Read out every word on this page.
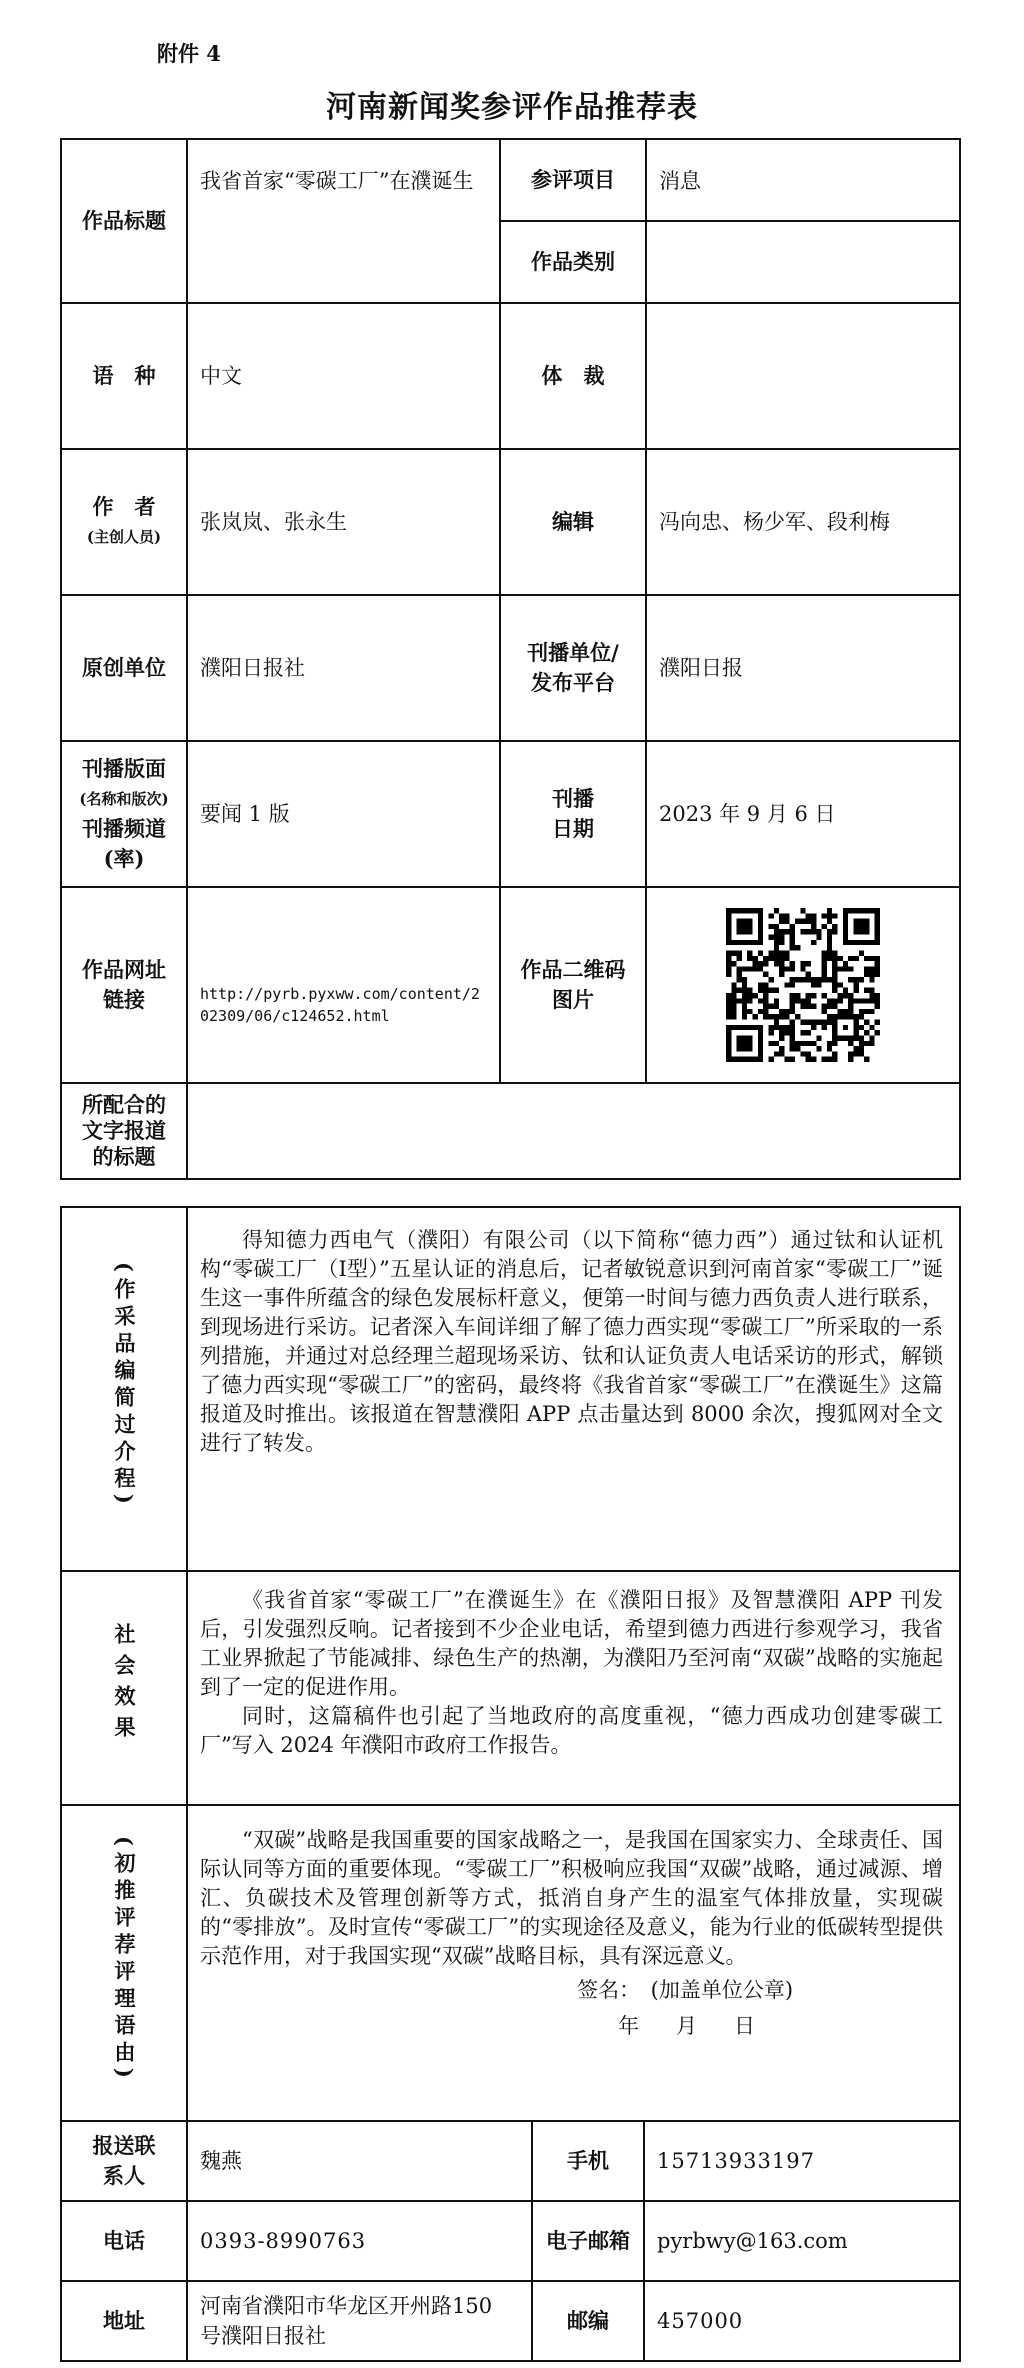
附件 4
河南新闻奖参评作品推荐表
作品标题	我省首家“零碳工厂”在濮诞生	参评项目	消息
		作品类别	
语　种	中文	体　裁	

作　者
(主创人员)	张岚岚、张永生	编辑	冯向忠、杨少军、段利梅
原创单位	濮阳日报社	刊播单位/发布平台	濮阳日报

刊播版面
(名称和版次)
刊播频道
(率)	要闻 1 版	刊播日期	2023 年 9 月 6 日
作品网址链接	http://pyrb.pyxww.com/content/202309/06/c124652.html	作品二维码图片	

所配合的文字报道的标题			
(作采品编简过介程)	得知德力西电气（濮阳）有限公司（以下简称“德力西”）通过钛和认证机构“零碳工厂（Ⅰ型）”五星认证的消息后，记者敏锐意识到河南首家“零碳工厂”诞生这一事件所蕴含的绿色发展标杆意义，便第一时间与德力西负责人进行联系，到现场进行采访。记者深入车间详细了解了德力西实现“零碳工厂”所采取的一系列措施，并通过对总经理兰超现场采访、钛和认证负责人电话采访的形式，解锁了德力西实现“零碳工厂”的密码，最终将《我省首家“零碳工厂”在濮诞生》这篇报道及时推出。该报道在智慧濮阳 APP 点击量达到 8000 余次，搜狐网对全文进行了转发。		

社会效果	《我省首家“零碳工厂”在濮诞生》在《濮阳日报》及智慧濮阳 APP 刊发后，引发强烈反响。记者接到不少企业电话，希望到德力西进行参观学习，我省工业界掀起了节能减排、绿色生产的热潮，为濮阳乃至河南“双碳”战略的实施起到了一定的促进作用。

同时，这篇稿件也引起了当地政府的高度重视，“德力西成功创建零碳工厂”写入 2024 年濮阳市政府工作报告。		

(初推评荐评理语由)	“双碳”战略是我国重要的国家战略之一，是我国在国家实力、全球责任、国际认同等方面的重要体现。“零碳工厂”积极响应我国“双碳”战略，通过减源、增汇、负碳技术及管理创新等方式，抵消自身产生的温室气体排放量，实现碳的“零排放”。及时宣传“零碳工厂”的实现途径及意义，能为行业的低碳转型提供示范作用，对于我国实现“双碳”战略目标，具有深远意义。

签名：　(加盖单位公章)
年　月　日		

报送联系人	魏燕	手机	15713933197
电话	0393-8990763	电子邮箱	pyrbwy@163.com
地址	河南省濮阳市华龙区开州路150 号濮阳日报社	邮编	457000
